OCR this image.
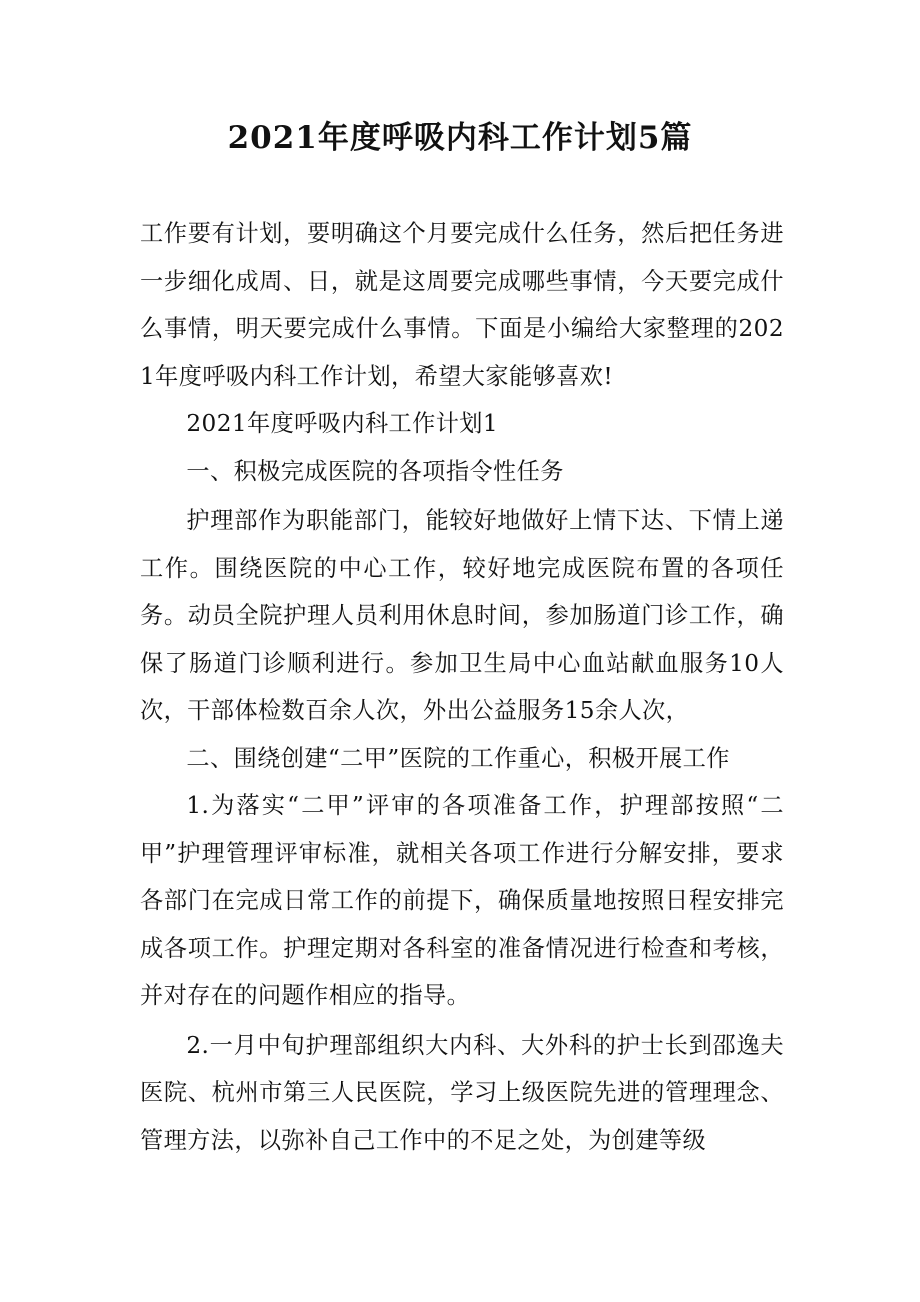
2021年度呼吸内科工作计划5篇

工作要有计划，要明确这个月要完成什么任务，然后把任务进一步细化成周、日，就是这周要完成哪些事情，今天要完成什么事情，明天要完成什么事情。下面是小编给大家整理的2021年度呼吸内科工作计划，希望大家能够喜欢!

2021年度呼吸内科工作计划1

一、积极完成医院的各项指令性任务

护理部作为职能部门，能较好地做好上情下达、下情上递工作。围绕医院的中心工作，较好地完成医院布置的各项任务。动员全院护理人员利用休息时间，参加肠道门诊工作，确保了肠道门诊顺利进行。参加卫生局中心血站献血服务10人次，干部体检数百余人次，外出公益服务15余人次，

二、围绕创建“二甲”医院的工作重心，积极开展工作

1.为落实“二甲”评审的各项准备工作，护理部按照“二甲”护理管理评审标准，就相关各项工作进行分解安排，要求各部门在完成日常工作的前提下，确保质量地按照日程安排完成各项工作。护理定期对各科室的准备情况进行检查和考核，并对存在的问题作相应的指导。

2.一月中旬护理部组织大内科、大外科的护士长到邵逸夫医院、杭州市第三人民医院，学习上级医院先进的管理理念、管理方法，以弥补自己工作中的不足之处，为创建等级
